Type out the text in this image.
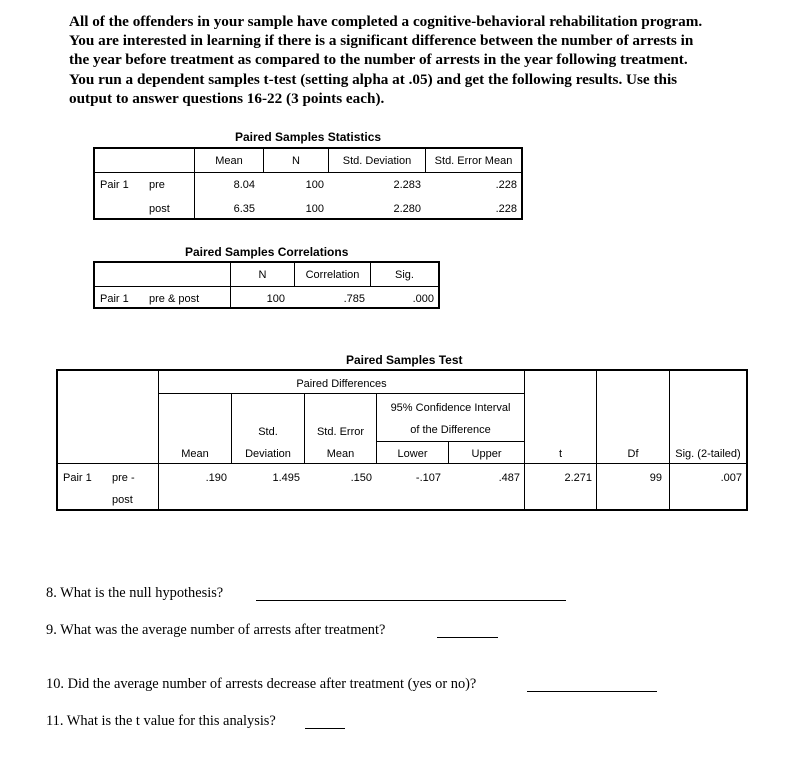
All of the offenders in your sample have completed a cognitive-behavioral rehabilitation program.
You are interested in learning if there is a significant difference between the number of arrests in
the year before treatment as compared to the number of arrests in the year following treatment.
You run a dependent samples t-test (setting alpha at .05) and get the following results. Use this
output to answer questions 16-22 (3 points each).
Paired Samples Statistics
Mean	N	Std. Deviation	Std. Error Mean
Pair 1 pre	8.04	100	2.283	.228
post	6.35	100	2.280	.228
Paired Samples Correlations
N	Correlation	Sig.
Pair 1 pre & post	100	.785	.000
Paired Samples Test
Paired Differences
95% Confidence Interval
of the Difference
Std.	Std. Error
Mean	Deviation	Mean	Lower	Upper	t	Df	Sig. (2-tailed)
Pair 1 pre -
post
.190	1.495	.150	-.107	.487	2.271	99	.007
8. What is the null hypothesis?
9. What was the average number of arrests after treatment?
10. Did the average number of arrests decrease after treatment (yes or no)?
11. What is the t value for this analysis?
